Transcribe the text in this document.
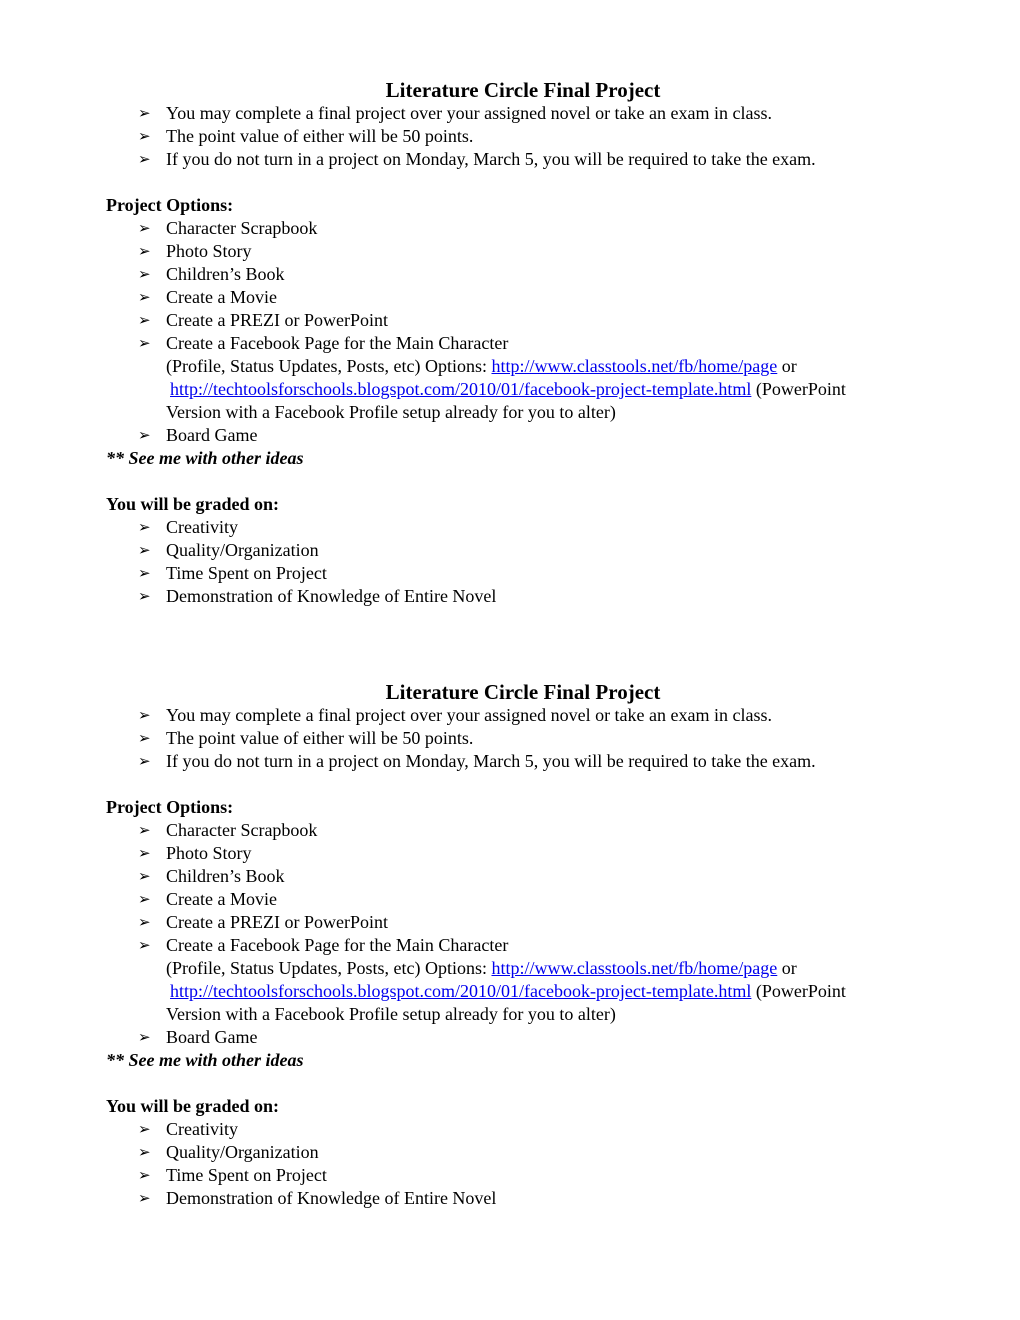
Literature Circle Final Project
➢ You may complete a final project over your assigned novel or take an exam in class.
➢ The point value of either will be 50 points.
➢ If you do not turn in a project on Monday, March 5, you will be required to take the exam.

Project Options:

➢ Character Scrapbook
➢ Photo Story
➢ Children’s Book
➢ Create a Movie
➢ Create a PREZI or PowerPoint
➢ Create a Facebook Page for the Main Character

(Profile, Status Updates, Posts, etc) Options: http://www.classtools.net/fb/home/page or

http://techtoolsforschools.blogspot.com/2010/01/facebook-project-template.html (PowerPoint

Version with a Facebook Profile setup already for you to alter)

➢ Board Game

** See me with other ideas

You will be graded on:

➢ Creativity
➢ Quality/Organization
➢ Time Spent on Project
➢ Demonstration of Knowledge of Entire Novel
Literature Circle Final Project
➢ You may complete a final project over your assigned novel or take an exam in class.
➢ The point value of either will be 50 points.
➢ If you do not turn in a project on Monday, March 5, you will be required to take the exam.

Project Options:

➢ Character Scrapbook
➢ Photo Story
➢ Children’s Book
➢ Create a Movie
➢ Create a PREZI or PowerPoint
➢ Create a Facebook Page for the Main Character

(Profile, Status Updates, Posts, etc) Options: http://www.classtools.net/fb/home/page or

http://techtoolsforschools.blogspot.com/2010/01/facebook-project-template.html (PowerPoint

Version with a Facebook Profile setup already for you to alter)

➢ Board Game

** See me with other ideas

You will be graded on:

➢ Creativity
➢ Quality/Organization
➢ Time Spent on Project
➢ Demonstration of Knowledge of Entire Novel
